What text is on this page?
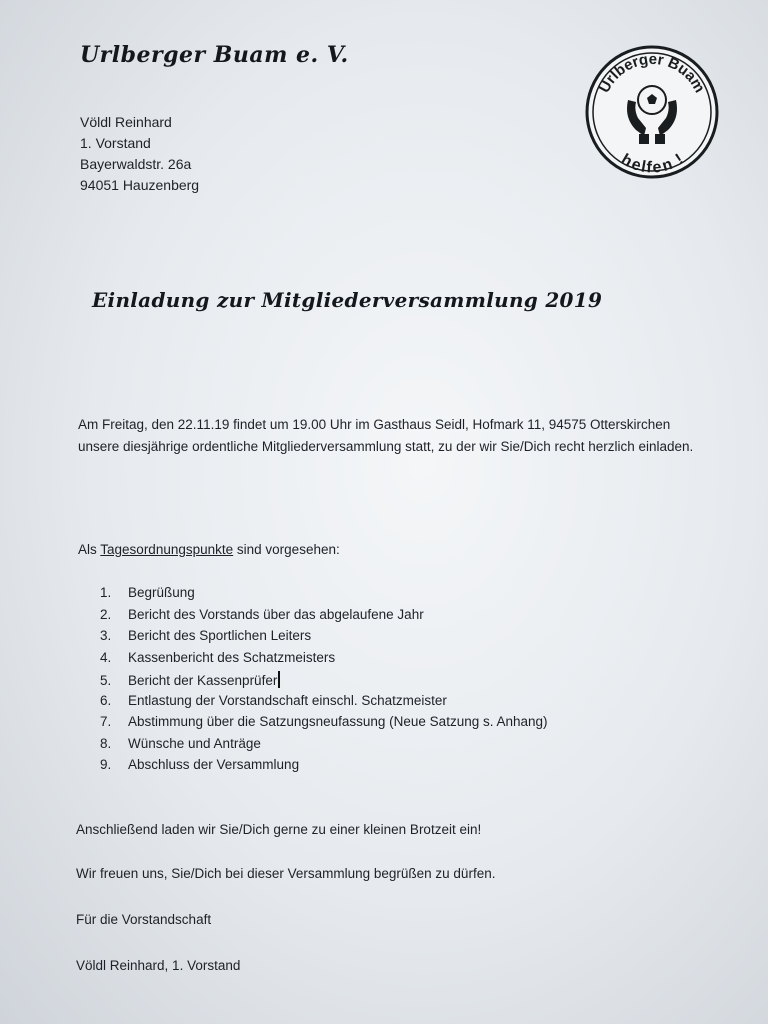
Urlberger Buam e. V.
Völdl Reinhard
1. Vorstand
Bayerwaldstr. 26a
94051 Hauzenberg
Urlberger Buam
helfen !
Einladung zur Mitgliederversammlung 2019
Am Freitag, den 22.11.19 findet um 19.00 Uhr im Gasthaus Seidl, Hofmark 11, 94575 Otterskirchen unsere diesjährige ordentliche Mitgliederversammlung statt, zu der wir Sie/Dich recht herzlich einladen.
Als Tagesordnungspunkte sind vorgesehen:
1. Begrüßung
2. Bericht des Vorstands über das abgelaufene Jahr
3. Bericht des Sportlichen Leiters
4. Kassenbericht des Schatzmeisters
5. Bericht der Kassenprüfer
6. Entlastung der Vorstandschaft einschl. Schatzmeister
7. Abstimmung über die Satzungsneufassung (Neue Satzung s. Anhang)
8. Wünsche und Anträge
9. Abschluss der Versammlung
Anschließend laden wir Sie/Dich gerne zu einer kleinen Brotzeit ein!
Wir freuen uns, Sie/Dich bei dieser Versammlung begrüßen zu dürfen.
Für die Vorstandschaft
Völdl Reinhard, 1. Vorstand
